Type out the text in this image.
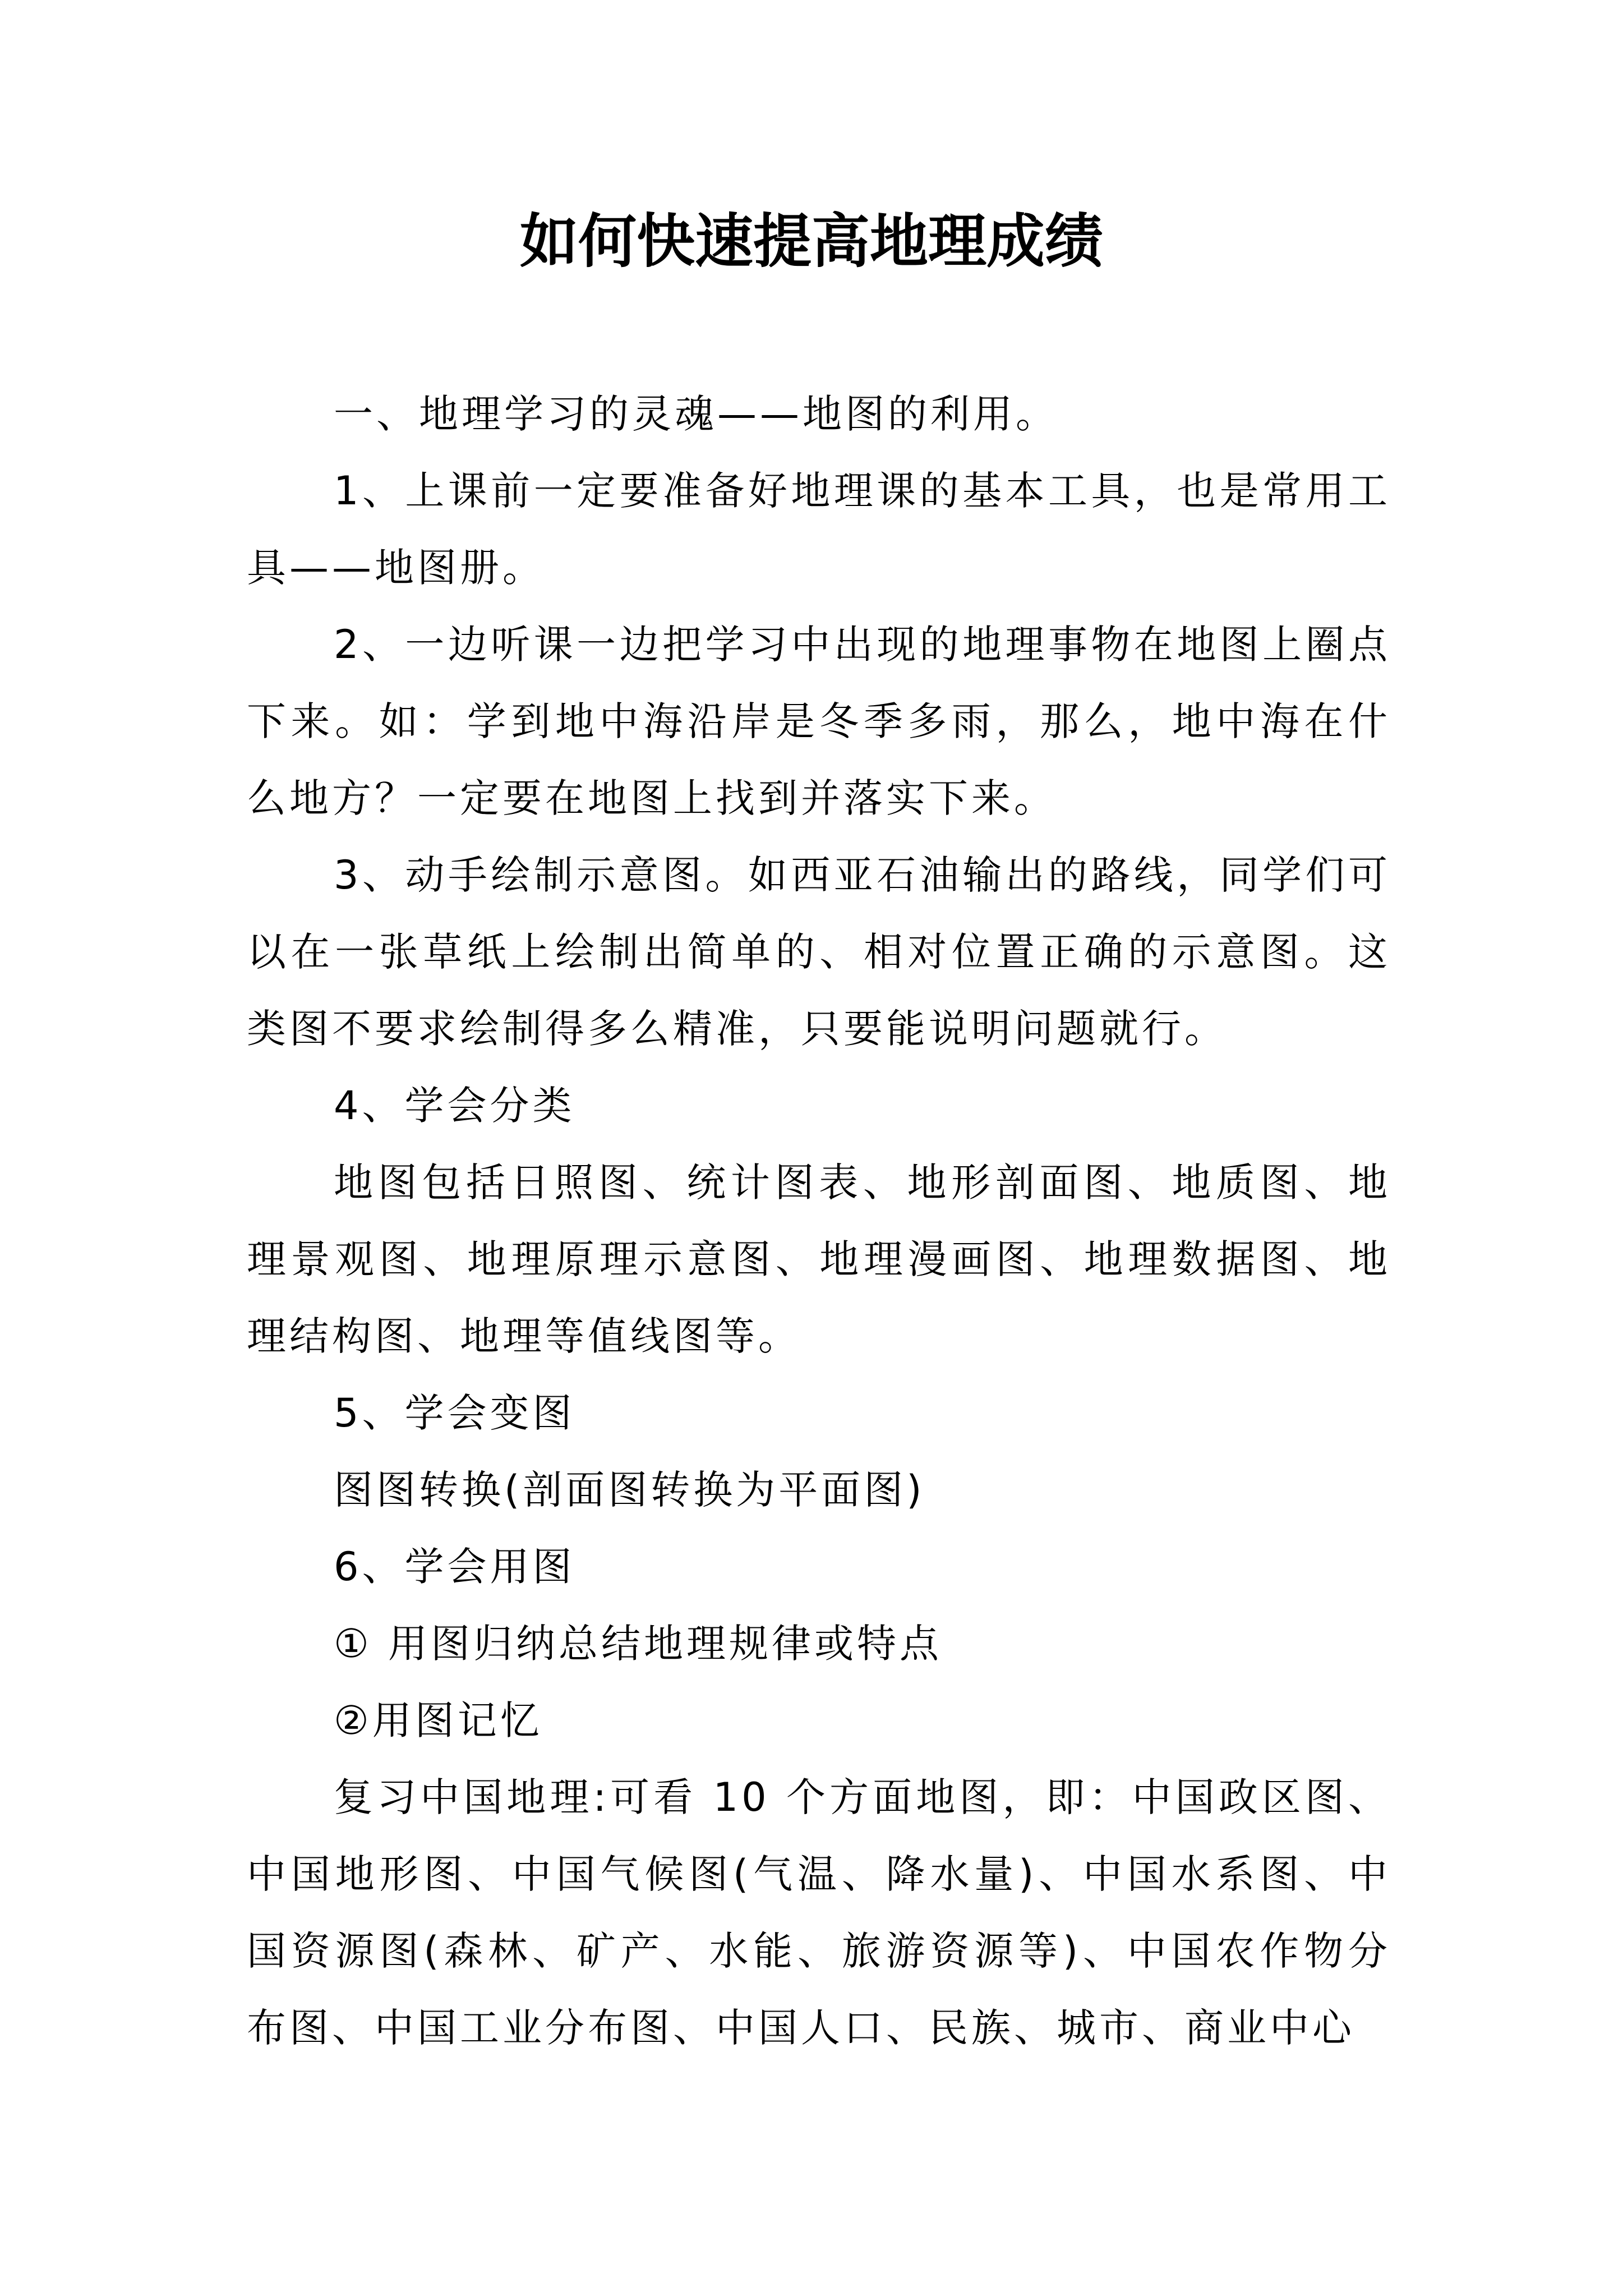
如何快速提高地理成绩

一、地理学习的灵魂——地图的利用。

1、上课前一定要准备好地理课的基本工具，也是常用工具——地图册。

2、一边听课一边把学习中出现的地理事物在地图上圈点下来。如：学到地中海沿岸是冬季多雨，那么，地中海在什么地方？一定要在地图上找到并落实下来。

3、动手绘制示意图。如西亚石油输出的路线，同学们可以在一张草纸上绘制出简单的、相对位置正确的示意图。这类图不要求绘制得多么精准，只要能说明问题就行。

4、学会分类

地图包括日照图、统计图表、地形剖面图、地质图、地理景观图、地理原理示意图、地理漫画图、地理数据图、地理结构图、地理等值线图等。

5、学会变图

图图转换(剖面图转换为平面图)

6、学会用图

① 用图归纳总结地理规律或特点

②用图记忆

复习中国地理:可看 10 个方面地图，即：中国政区图、中国地形图、中国气候图(气温、降水量)、中国水系图、中国资源图(森林、矿产、水能、旅游资源等)、中国农作物分布图、中国工业分布图、中国人口、民族、城市、商业中心
